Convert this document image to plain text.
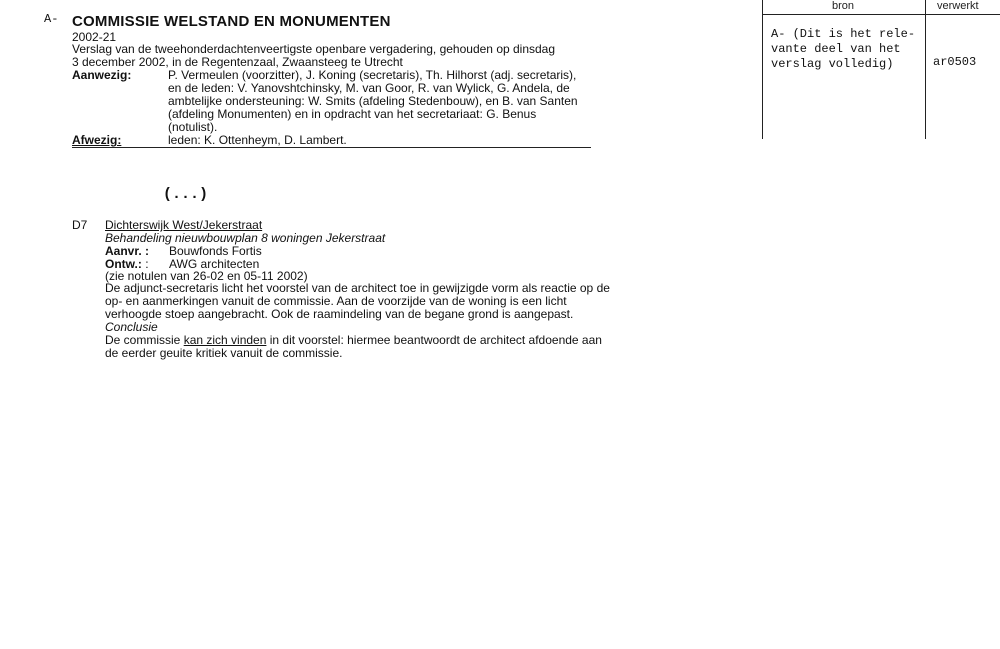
A- COMMISSIE WELSTAND EN MONUMENTEN
2002-21
Verslag van de tweehonderdachtenveertigste openbare vergadering, gehouden op dinsdag
3 december 2002, in de Regentenzaal, Zwaansteeg te Utrecht
Aanwezig:	P. Vermeulen (voorzitter), J. Koning (secretaris), Th. Hilhorst (adj. secretaris),
en de leden: V. Yanovshtchinsky, M. van Goor, R. van Wylick, G. Andela, de
ambtelijke ondersteuning: W. Smits (afdeling Stedenbouw), en B. van Santen
(afdeling Monumenten) en in opdracht van het secretariaat: G. Benus
(notulist).
Afwezig:	leden: K. Ottenheym, D. Lambert.
(...)
D7 Dichterswijk West/Jekerstraat
Behandeling nieuwbouwplan 8 woningen Jekerstraat
Aanvr. : Bouwfonds Fortis
Ontw.: : AWG architecten
(zie notulen van 26-02 en 05-11 2002)
De adjunct-secretaris licht het voorstel van de architect toe in gewijzigde vorm als reactie op de
op- en aanmerkingen vanuit de commissie. Aan de voorzijde van de woning is een licht
verhoogde stoep aangebracht. Ook de raamindeling van de begane grond is aangepast.
Conclusie
De commissie kan zich vinden in dit voorstel: hiermee beantwoordt de architect afdoende aan
de eerder geuite kritiek vanuit de commissie.
bron	verwerkt
A- (Dit is het rele-
vante deel van het
verslag volledig)	ar0503
